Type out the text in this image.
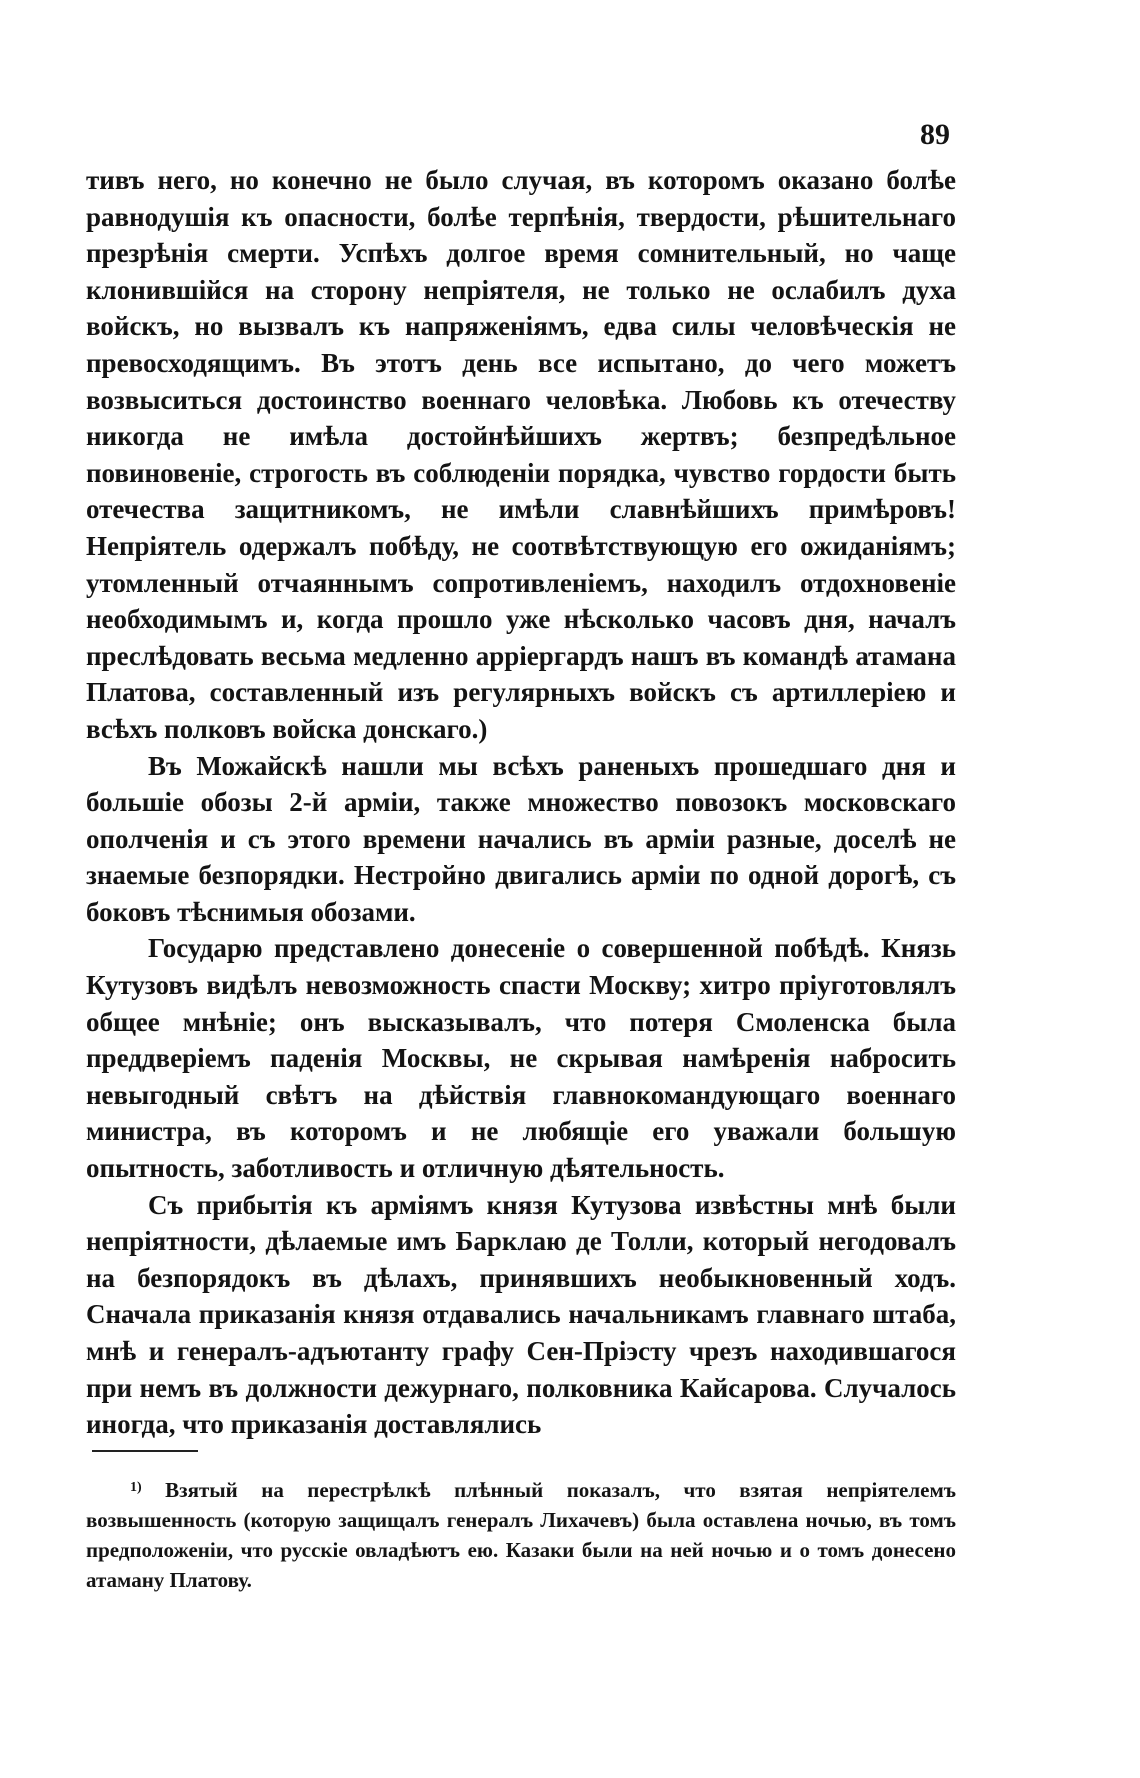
89

тивъ него, но конечно не было случая, въ которомъ оказано болѣе равнодушія къ опасности, болѣе терпѣнія, твердости, рѣшительнаго презрѣнія смерти. Успѣхъ долгое время сомнительный, но чаще клонившійся на сторону непріятеля, не только не ослабилъ духа войскъ, но вызвалъ къ напряженіямъ, едва силы человѣческія не превосходящимъ. Въ этотъ день все испытано, до чего можетъ возвыситься достоинство военнаго человѣка. Любовь къ отечеству никогда не имѣла достойнѣйшихъ жертвъ; безпредѣльное повиновеніе, строгость въ соблюденіи порядка, чувство гордости быть отечества защитникомъ, не имѣли славнѣйшихъ примѣровъ! Непріятель одержалъ побѣду, не соотвѣтствующую его ожиданіямъ; утомленный отчаяннымъ сопротивленіемъ, находилъ отдохновеніе необходимымъ и, когда прошло уже нѣсколько часовъ дня, началъ преслѣдовать весьма медленно аррiергардъ нашъ въ командѣ атамана Платова, составленный изъ регулярныхъ войскъ съ артиллеріею и всѣхъ полковъ войска донскаго.)

Въ Можайскѣ нашли мы всѣхъ раненыхъ прошедшаго дня и большіе обозы 2-й арміи, также множество повозокъ московскаго ополченія и съ этого времени начались въ арміи разные, доселѣ не знаемые безпорядки. Нестройно двигались арміи по одной дорогѣ, съ боковъ тѣснимыя обозами.

Государю представлено донесеніе о совершенной побѣдѣ. Князь Кутузовъ видѣлъ невозможность спасти Москву; хитро пріуготовлялъ общее мнѣніе; онъ высказывалъ, что потеря Смоленска была преддверіемъ паденія Москвы, не скрывая намѣренія набросить невыгодный свѣтъ на дѣйствія главнокомандующаго военнаго министра, въ которомъ и не любящіе его уважали большую опытность, заботливость и отличную дѣятельность.

Съ прибытія къ арміямъ князя Кутузова извѣстны мнѣ были непріятности, дѣлаемые имъ Барклаю де Толли, который негодовалъ на безпорядокъ въ дѣлахъ, принявшихъ необыкновенный ходъ. Сначала приказанія князя отдавались начальникамъ главнаго штаба, мнѣ и генералъ-адъютанту графу Сен-Пріэсту чрезъ находившагося при немъ въ должности дежурнаго, полковника Кайсарова. Случалось иногда, что приказанія доставлялись

$^{1)}$ Взятый на перестрѣлкѣ плѣнный показалъ, что взятая непріятелемъ возвышенность (которую защищалъ генералъ Лихачевъ) была оставлена ночью, въ томъ предположеніи, что русскіе овладѣютъ ею. Казаки были на ней ночью и о томъ донесено атаману Платову.
